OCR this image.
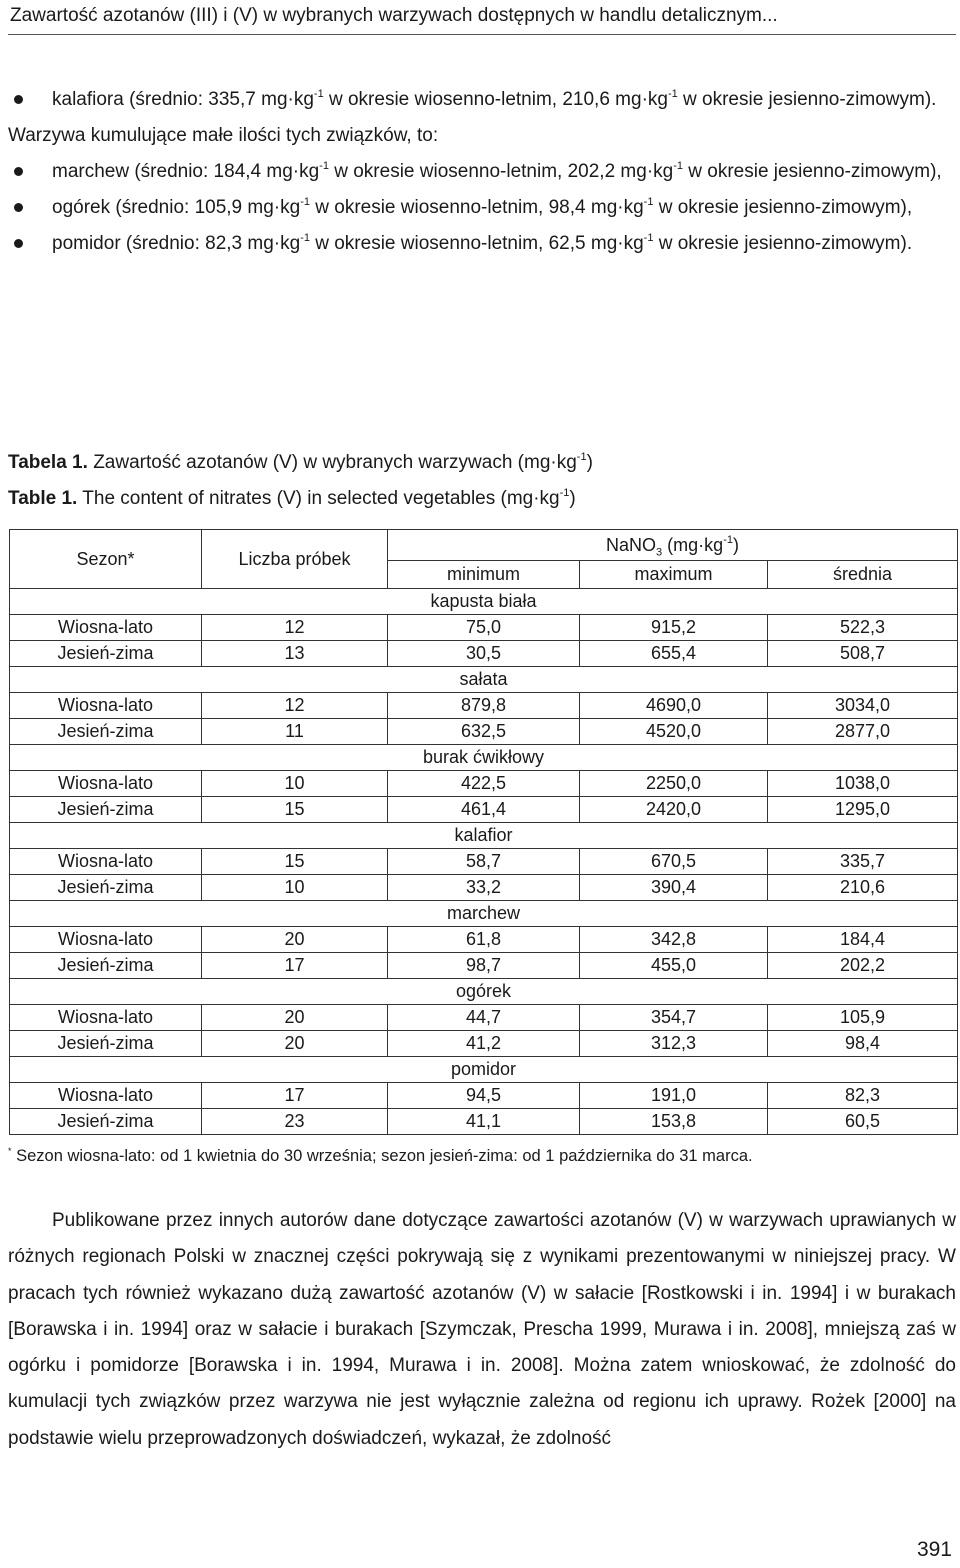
Zawartość azotanów (III) i (V) w wybranych warzywach dostępnych w handlu detalicznym...
kalafiora (średnio: 335,7 $mg\cdot kg^{-1}$ w okresie wiosenno-letnim, 210,6 $mg\cdot kg^{-1}$ w okresie jesienno-zimowym).
Warzywa kumulujące małe ilości tych związków, to:
marchew (średnio: 184,4 $mg\cdot kg^{-1}$ w okresie wiosenno-letnim, 202,2 $mg\cdot kg^{-1}$ w okresie jesienno-zimowym),
ogórek (średnio: 105,9 $mg\cdot kg^{-1}$ w okresie wiosenno-letnim, 98,4 $mg\cdot kg^{-1}$ w okresie jesienno-zimowym),
pomidor (średnio: 82,3 $mg\cdot kg^{-1}$ w okresie wiosenno-letnim, 62,5 $mg\cdot kg^{-1}$ w okresie jesienno-zimowym).
Tabela 1. Zawartość azotanów (V) w wybranych warzywach $(mg\cdot kg^{-1})$
Table 1. The content of nitrates (V) in selected vegetables $(mg\cdot kg^{-1})$
Sezon*	Liczba próbek	NaNO$_3$ $(mg\cdot kg^{-1})$		
		minimum	maximum	średnia
kapusta biała				
Wiosna-lato	12	75,0	915,2	522,3
Jesień-zima	13	30,5	655,4	508,7
sałata				
Wiosna-lato	12	879,8	4690,0	3034,0
Jesień-zima	11	632,5	4520,0	2877,0
burak ćwikłowy				
Wiosna-lato	10	422,5	2250,0	1038,0
Jesień-zima	15	461,4	2420,0	1295,0
kalafior				
Wiosna-lato	15	58,7	670,5	335,7
Jesień-zima	10	33,2	390,4	210,6
marchew				
Wiosna-lato	20	61,8	342,8	184,4
Jesień-zima	17	98,7	455,0	202,2
ogórek				
Wiosna-lato	20	44,7	354,7	105,9
Jesień-zima	20	41,2	312,3	98,4
pomidor				
Wiosna-lato	17	94,5	191,0	82,3
Jesień-zima	23	41,1	153,8	60,5
* Sezon wiosna-lato: od 1 kwietnia do 30 września; sezon jesień-zima: od 1 października do 31 marca.
Publikowane przez innych autorów dane dotyczące zawartości azotanów (V) w warzywach uprawianych w różnych regionach Polski w znacznej części pokrywają się z wynikami prezentowanymi w niniejszej pracy. W pracach tych również wykazano dużą zawartość azotanów (V) w sałacie [Rostkowski i in. 1994] i w burakach [Borawska i in. 1994] oraz w sałacie i burakach [Szymczak, Prescha 1999, Murawa i in. 2008], mniejszą zaś w ogórku i pomidorze [Borawska i in. 1994, Murawa i in. 2008]. Można zatem wnioskować, że zdolność do kumulacji tych związków przez warzywa nie jest wyłącznie zależna od regionu ich uprawy. Rożek [2000] na podstawie wielu przeprowadzonych doświadczeń, wykazał, że zdolność
391
